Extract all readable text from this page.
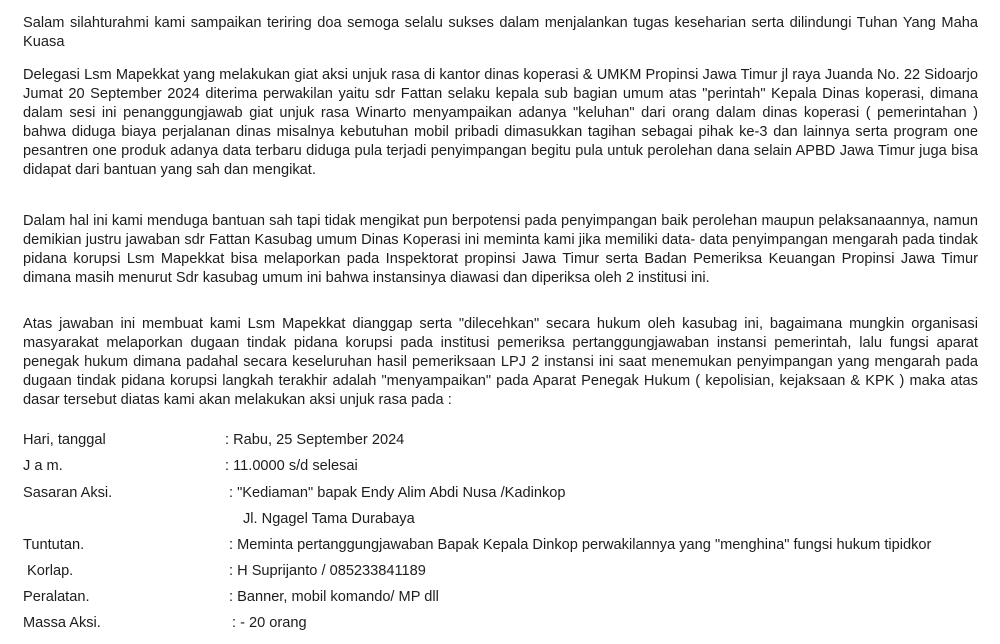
Salam silahturahmi kami sampaikan teriring doa semoga selalu sukses dalam menjalankan tugas keseharian serta dilindungi Tuhan Yang Maha Kuasa

Delegasi Lsm Mapekkat yang melakukan giat aksi unjuk rasa di kantor dinas koperasi & UMKM Propinsi Jawa Timur jl raya Juanda No. 22 Sidoarjo Jumat 20 September 2024 diterima perwakilan yaitu sdr Fattan selaku kepala sub bagian umum atas "perintah" Kepala Dinas koperasi, dimana dalam sesi ini penanggungjawab giat unjuk rasa Winarto menyampaikan adanya "keluhan" dari orang dalam dinas koperasi ( pemerintahan ) bahwa diduga biaya perjalanan dinas misalnya kebutuhan mobil pribadi dimasukkan tagihan sebagai pihak ke-3 dan lainnya serta program one pesantren one produk adanya data terbaru diduga pula terjadi penyimpangan begitu pula untuk perolehan dana selain APBD Jawa Timur juga bisa didapat dari bantuan yang sah dan mengikat.

Dalam hal ini kami menduga bantuan sah tapi tidak mengikat pun berpotensi pada penyimpangan baik perolehan maupun pelaksanaannya, namun demikian justru jawaban sdr Fattan Kasubag umum Dinas Koperasi ini meminta kami jika memiliki data- data penyimpangan mengarah pada tindak pidana korupsi Lsm Mapekkat bisa melaporkan pada Inspektorat propinsi Jawa Timur serta Badan Pemeriksa Keuangan Propinsi Jawa Timur dimana masih menurut Sdr kasubag umum ini bahwa instansinya diawasi dan diperiksa oleh 2 institusi ini.

Atas jawaban ini membuat kami Lsm Mapekkat dianggap serta "dilecehkan" secara hukum oleh kasubag ini, bagaimana mungkin organisasi masyarakat melaporkan dugaan tindak pidana korupsi pada institusi pemeriksa pertanggungjawaban instansi pemerintah, lalu fungsi aparat penegak hukum dimana padahal secara keseluruhan hasil pemeriksaan LPJ 2 instansi ini saat menemukan penyimpangan yang mengarah pada dugaan tindak pidana korupsi langkah terakhir adalah "menyampaikan" pada Aparat Penegak Hukum ( kepolisian, kejaksaan & KPK ) maka atas dasar tersebut diatas kami akan melakukan aksi unjuk rasa pada :

Hari, tanggal	: Rabu, 25 September 2024
J a m.	: 11.0000 s/d selesai
Sasaran Aksi.	: "Kediaman" bapak Endy Alim Abdi Nusa /Kadinkop
Jl. Ngagel Tama Durabaya
Tuntutan.	: Meminta pertanggungjawaban Bapak Kepala Dinkop perwakilannya yang "menghina" fungsi hukum tipidkor
Korlap.	: H Suprijanto / 085233841189
Peralatan.	: Banner, mobil komando/ MP dll
Massa Aksi.	: - 20 orang
